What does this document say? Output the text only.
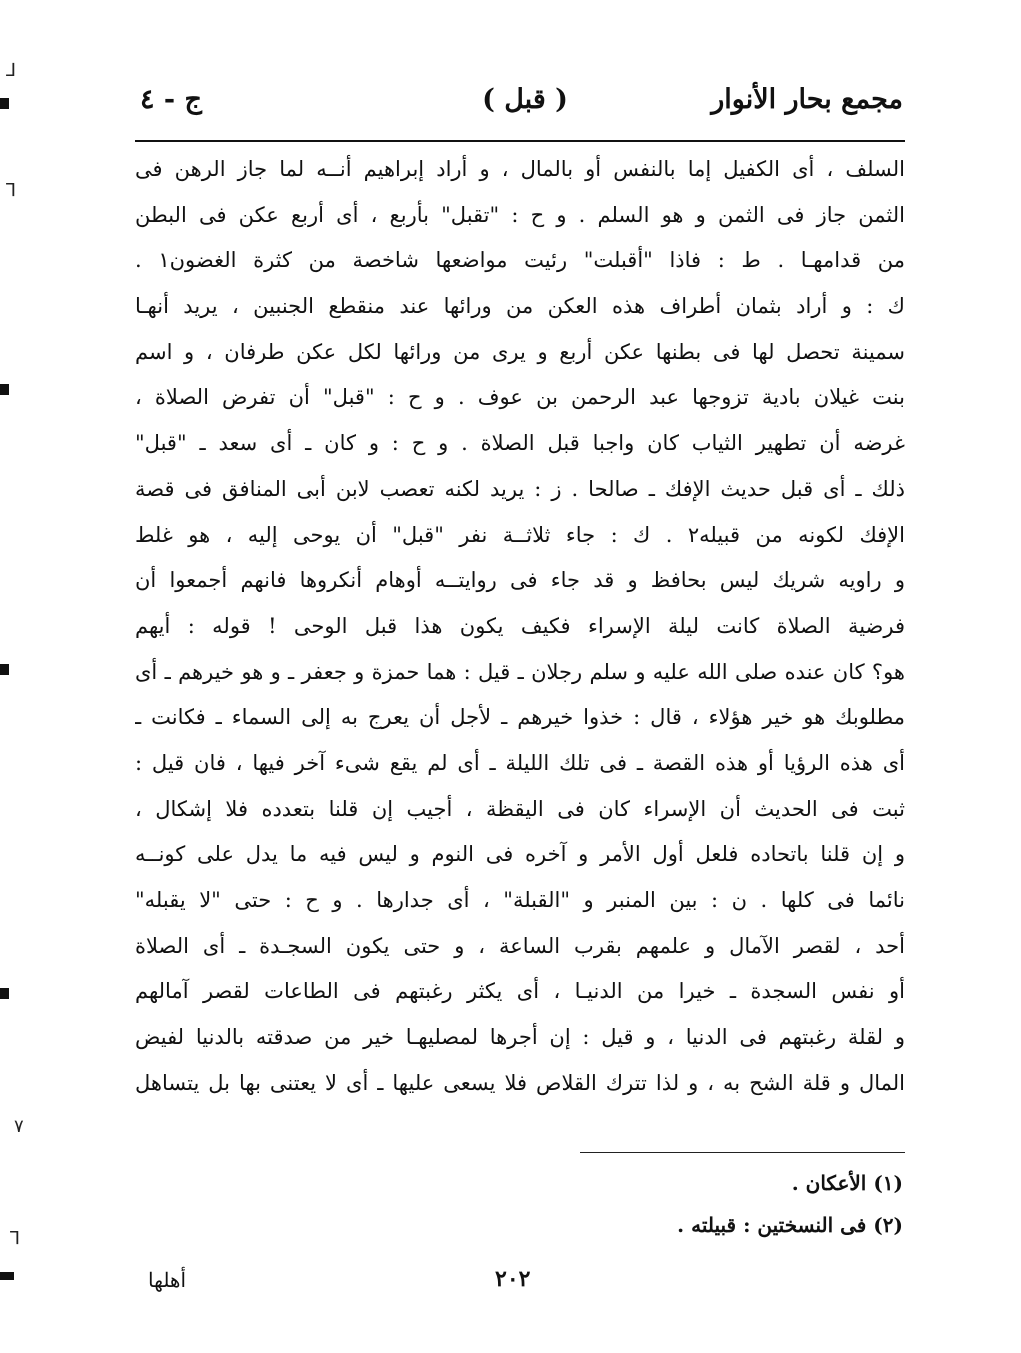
مجمع بحار الأنوار
( قبل )
ج - ٤
السلف ، أى الكفيل إما بالنفس أو بالمال ، و أراد إبراهيم أنــه لما جاز الرهن فى
الثمن جاز فى الثمن و هو السلم . و ح : "تقبل" بأربع ، أى أربع عكن فى البطن
من قدامهـا . ط : فاذا "أقبلت" رئيت مواضعها شاخصة من كثرة الغضون١ .
ك : و أراد بثمان أطراف هذه العكن من ورائها عند منقطع الجنبين ، يريد أنهـا
سمينة تحصل لها فى بطنها عكن أربع و يرى من ورائها لكل عكن طرفان ، و اسم
بنت غيلان بادية تزوجها عبد الرحمن بن عوف . و ح : "قبل" أن تفرض الصلاة ،
غرضه أن تطهير الثياب كان واجبا قبل الصلاة . و ح : و كان ـ أى سعد ـ "قبل"
ذلك ـ أى قبل حديث الإفك ـ صالحا . ز : يريد لكنه تعصب لابن أبى المنافق فى قصة
الإفك لكونه من قبيله٢ . ك : جاء ثلاثــة نفر "قبل" أن يوحى إليه ، هو غلط
و راويه شريك ليس بحافظ و قد جاء فى روايتــه أوهام أنكروها فانهم أجمعوا أن
فرضية الصلاة كانت ليلة الإسراء فكيف يكون هذا قبل الوحى ! قوله : أيهم
هو؟ كان عنده صلى الله عليه و سلم رجلان ـ قيل : هما حمزة و جعفر ـ و هو خيرهم ـ أى
مطلوبك هو خير هؤلاء ، قال : خذوا خيرهم ـ لأجل أن يعرج به إلى السماء ـ فكانت ـ
أى هذه الرؤيا أو هذه القصة ـ فى تلك الليلة ـ أى لم يقع شىء آخر فيها ، فان قيل :
ثبت فى الحديث أن الإسراء كان فى اليقظة ، أجيب إن قلنا بتعدده فلا إشكال ،
و إن قلنا باتحاده فلعل أول الأمر و آخره فى النوم و ليس فيه ما يدل على كونــه
نائما فى كلها . ن : بين المنبر و "القبلة" ، أى جدارها . و ح : حتى "لا يقبله"
أحد ، لقصر الآمال و علمهم بقرب الساعة ، و حتى يكون السجـدة ـ أى الصلاة
أو نفس السجدة ـ خيرا من الدنيـا ، أى يكثر رغبتهم فى الطاعات لقصر آمالهم
و لقلة رغبتهم فى الدنيا ، و قيل : إن أجرها لمصليهـا خير من صدقته بالدنيا لفيض
المال و قلة الشح به ، و لذا تترك القلاص فلا يسعى عليها ـ أى لا يعتنى بها بل يتساهل
(١) الأعكان .
(٢) فى النسختين : قبيلته .
أهلها	٢٠٢
⅃
⅂
٧
⅂
